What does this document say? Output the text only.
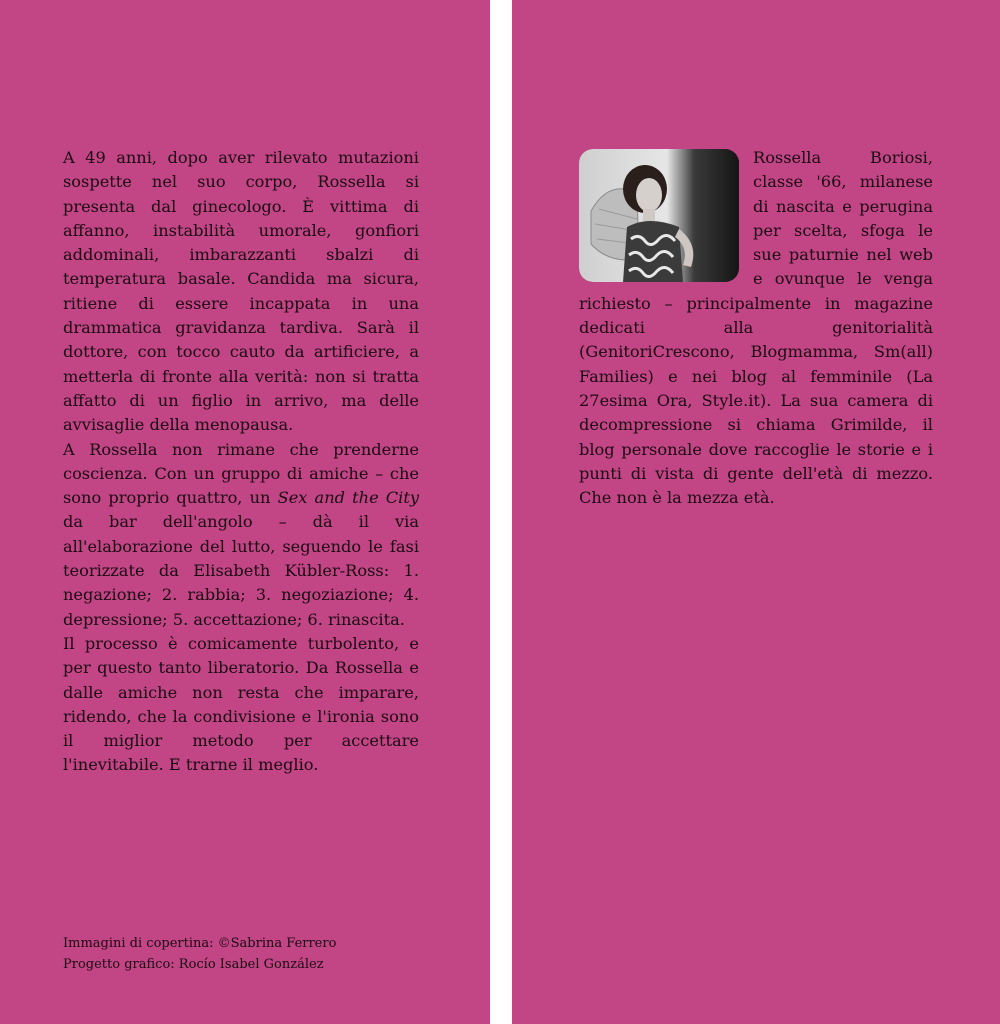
A 49 anni, dopo aver rilevato mutazioni sospette nel suo corpo, Rossella si presenta dal ginecologo. È vittima di affanno, instabilità umorale, gonfiori addominali, imbarazzanti sbalzi di temperatura basale. Candida ma sicura, ritiene di essere incappata in una drammatica gravidanza tardiva. Sarà il dottore, con tocco cauto da artificiere, a metterla di fronte alla verità: non si tratta affatto di un figlio in arrivo, ma delle avvisaglie della menopausa.

A Rossella non rimane che prenderne coscienza. Con un gruppo di amiche – che sono proprio quattro, un Sex and the City da bar dell'angolo – dà il via all'elaborazione del lutto, seguendo le fasi teorizzate da Elisabeth Kübler-Ross: 1. negazione; 2. rabbia; 3. negoziazione; 4. depressione; 5. accettazione; 6. rinascita.

Il processo è comicamente turbolento, e per questo tanto liberatorio. Da Rossella e dalle amiche non resta che imparare, ridendo, che la condivisione e l'ironia sono il miglior metodo per accettare l'inevitabile. E trarne il meglio.

Immagini di copertina: ©Sabrina Ferrero
Progetto grafico: Rocío Isabel González

Rossella Boriosi, classe '66, milanese di nascita e perugina per scelta, sfoga le sue paturnie nel web e ovunque le venga richiesto – principalmente in magazine dedicati alla genitorialità (GenitoriCrescono, Blogmamma, Sm(all) Families) e nei blog al femminile (La 27esima Ora, Style.it). La sua camera di decompressione si chiama Grimilde, il blog personale dove raccoglie le storie e i punti di vista di gente dell'età di mezzo. Che non è la mezza età.
